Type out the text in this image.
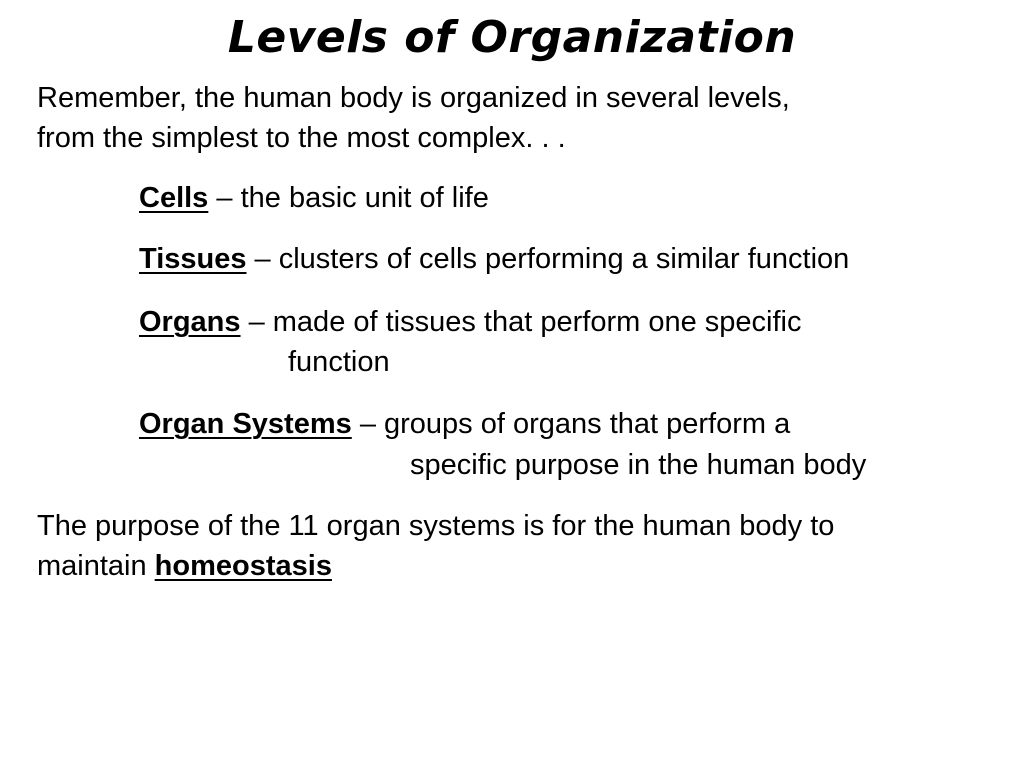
Levels of Organization
Remember, the human body is organized in several levels,
from the simplest to the most complex. . .
Cells – the basic unit of life
Tissues – clusters of cells performing a similar function
Organs – made of tissues that perform one specific
function
Organ Systems – groups of organs that perform a
specific purpose in the human body
The purpose of the 11 organ systems is for the human body to
maintain homeostasis
